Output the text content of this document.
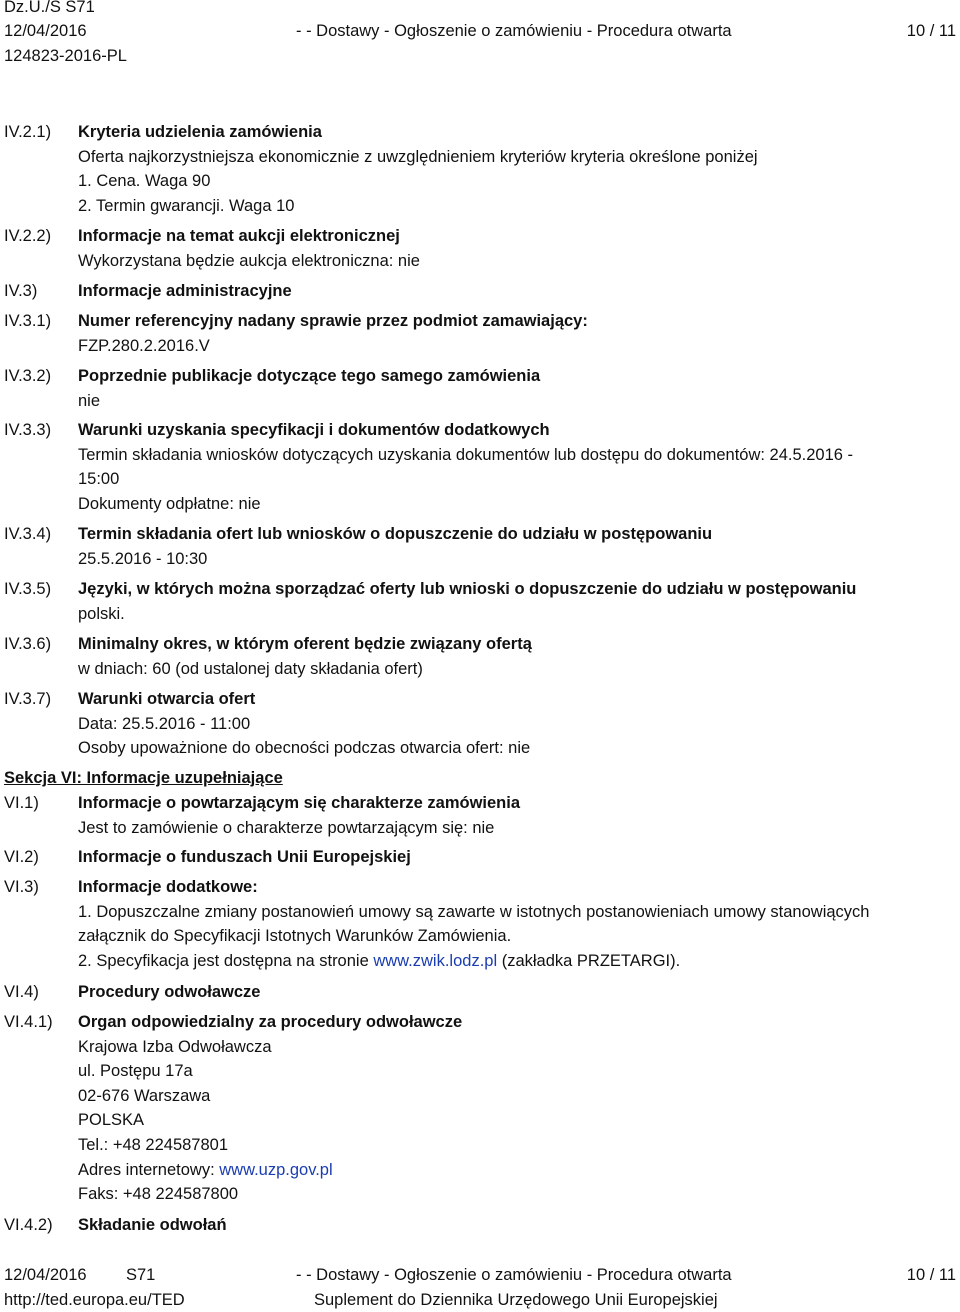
Dz.U./S S71
12/04/2016
124823-2016-PL
- - Dostawy - Ogłoszenie o zamówieniu - Procedura otwarta	10 / 11
IV.2.1) Kryteria udzielenia zamówienia
Oferta najkorzystniejsza ekonomicznie z uwzględnieniem kryteriów kryteria określone poniżej
1. Cena. Waga 90
2. Termin gwarancji. Waga 10
IV.2.2) Informacje na temat aukcji elektronicznej
Wykorzystana będzie aukcja elektroniczna: nie
IV.3) Informacje administracyjne
IV.3.1) Numer referencyjny nadany sprawie przez podmiot zamawiający:
FZP.280.2.2016.V
IV.3.2) Poprzednie publikacje dotyczące tego samego zamówienia
nie
IV.3.3) Warunki uzyskania specyfikacji i dokumentów dodatkowych
Termin składania wniosków dotyczących uzyskania dokumentów lub dostępu do dokumentów: 24.5.2016 -
15:00
Dokumenty odpłatne: nie
IV.3.4) Termin składania ofert lub wniosków o dopuszczenie do udziału w postępowaniu
25.5.2016 - 10:30
IV.3.5) Języki, w których można sporządzać oferty lub wnioski o dopuszczenie do udziału w postępowaniu
polski.
IV.3.6) Minimalny okres, w którym oferent będzie związany ofertą
w dniach: 60 (od ustalonej daty składania ofert)
IV.3.7) Warunki otwarcia ofert
Data: 25.5.2016 - 11:00
Osoby upoważnione do obecności podczas otwarcia ofert: nie
Sekcja VI: Informacje uzupełniające
VI.1) Informacje o powtarzającym się charakterze zamówienia
Jest to zamówienie o charakterze powtarzającym się: nie
VI.2) Informacje o funduszach Unii Europejskiej
VI.3) Informacje dodatkowe:
1. Dopuszczalne zmiany postanowień umowy są zawarte w istotnych postanowieniach umowy stanowiących
załącznik do Specyfikacji Istotnych Warunków Zamówienia.
2. Specyfikacja jest dostępna na stronie www.zwik.lodz.pl (zakładka PRZETARGI).
VI.4) Procedury odwoławcze
VI.4.1) Organ odpowiedzialny za procedury odwoławcze
Krajowa Izba Odwoławcza
ul. Postępu 17a
02-676 Warszawa
POLSKA
Tel.: +48 224587801
Adres internetowy: www.uzp.gov.pl
Faks: +48 224587800
VI.4.2) Składanie odwołań
12/04/2016 S71
http://ted.europa.eu/TED
- - Dostawy - Ogłoszenie o zamówieniu - Procedura otwarta
Suplement do Dziennika Urzędowego Unii Europejskiej
10 / 11
